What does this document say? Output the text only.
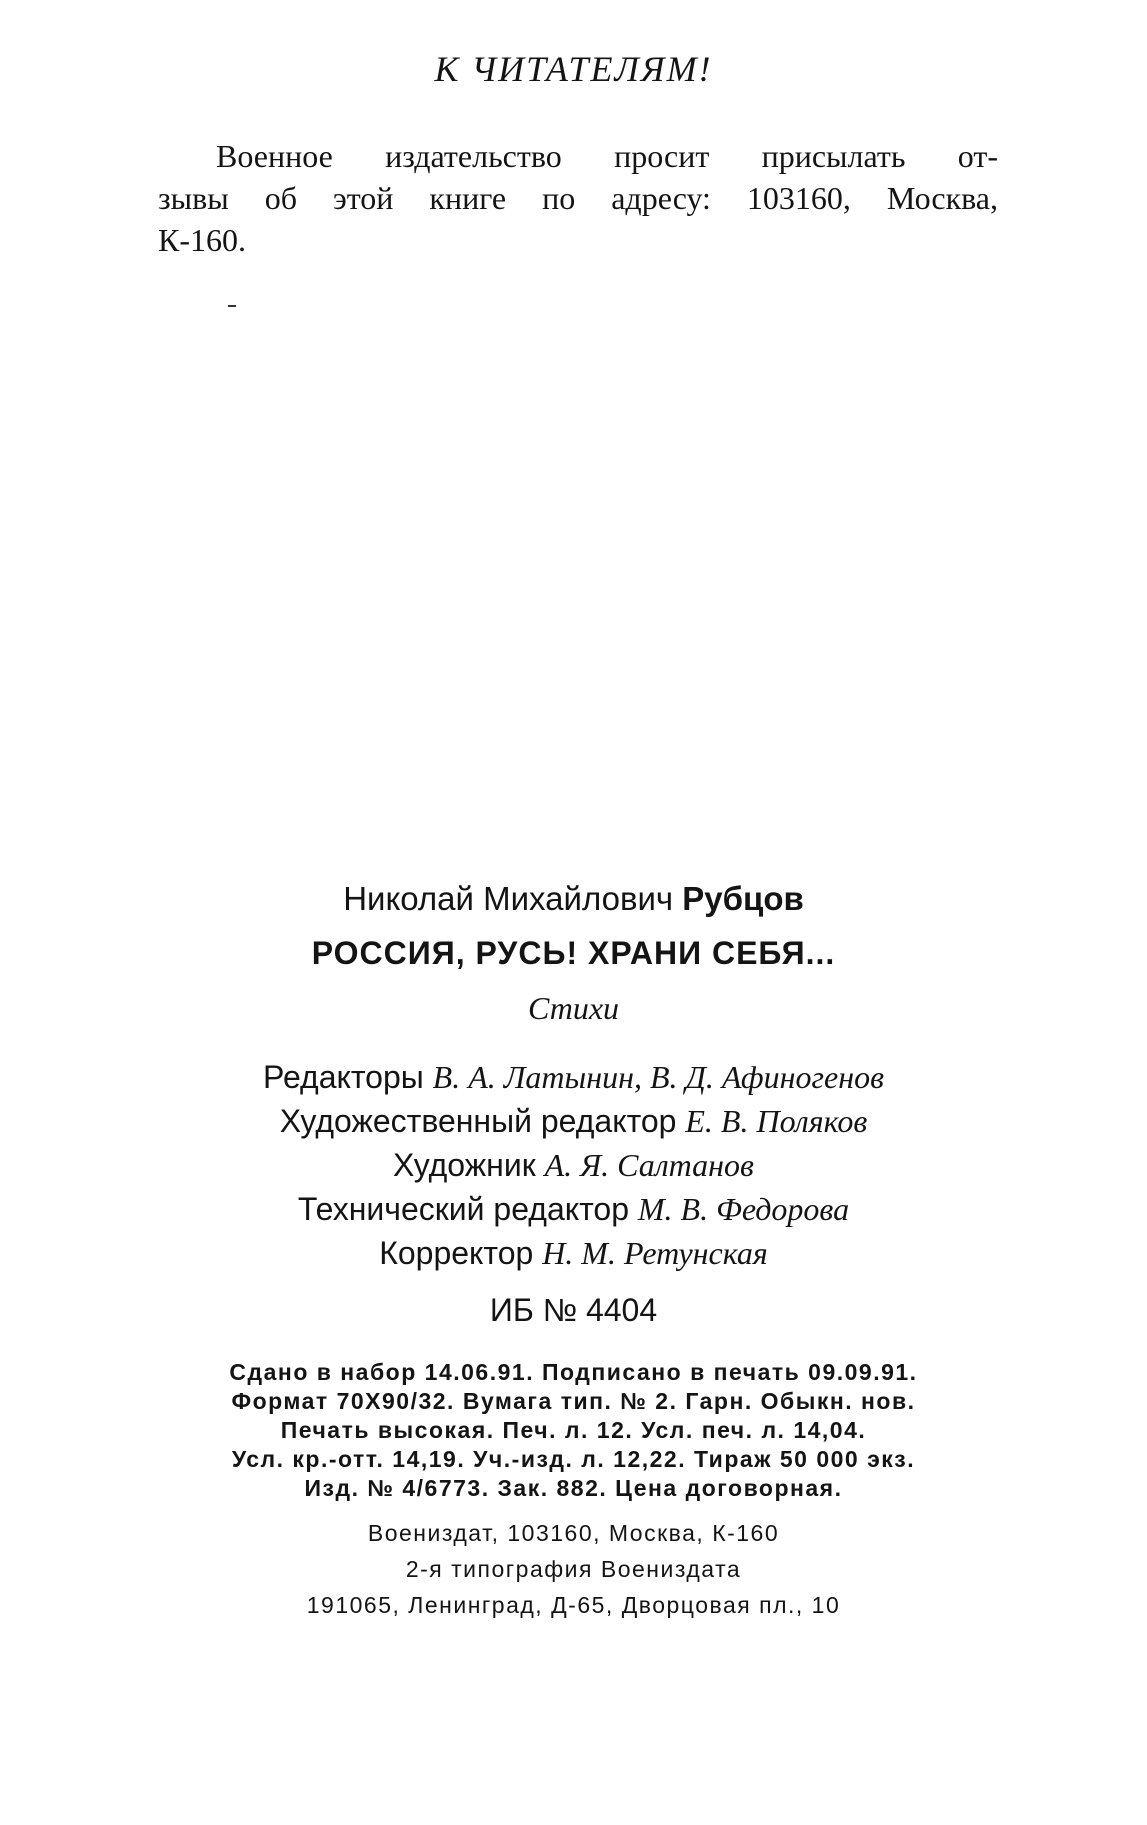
К ЧИТАТЕЛЯМ!
Военное издательство просит присылать от-
зывы об этой книге по адресу: 103160, Москва,
К-160.
Николай Михайлович Рубцов
РОССИЯ, РУСЬ! ХРАНИ СЕБЯ...
Стихи
Редакторы В. А. Латынин, В. Д. Афиногенов
Художественный редактор Е. В. Поляков
Художник А. Я. Салтанов
Технический редактор М. В. Федорова
Корректор Н. М. Ретунская
ИБ № 4404
Сдано в набор 14.06.91. Подписано в печать 09.09.91.
Формат 70Х90/32. Вумага тип. № 2. Гарн. Обыкн. нов.
Печать высокая. Печ. л. 12. Усл. печ. л. 14,04.
Усл. кр.-отт. 14,19. Уч.-изд. л. 12,22. Тираж 50 000 экз.
Изд. № 4/6773. Зак. 882. Цена договорная.
Воениздат, 103160, Москва, К-160
2-я типография Воениздата
191065, Ленинград, Д-65, Дворцовая пл., 10
